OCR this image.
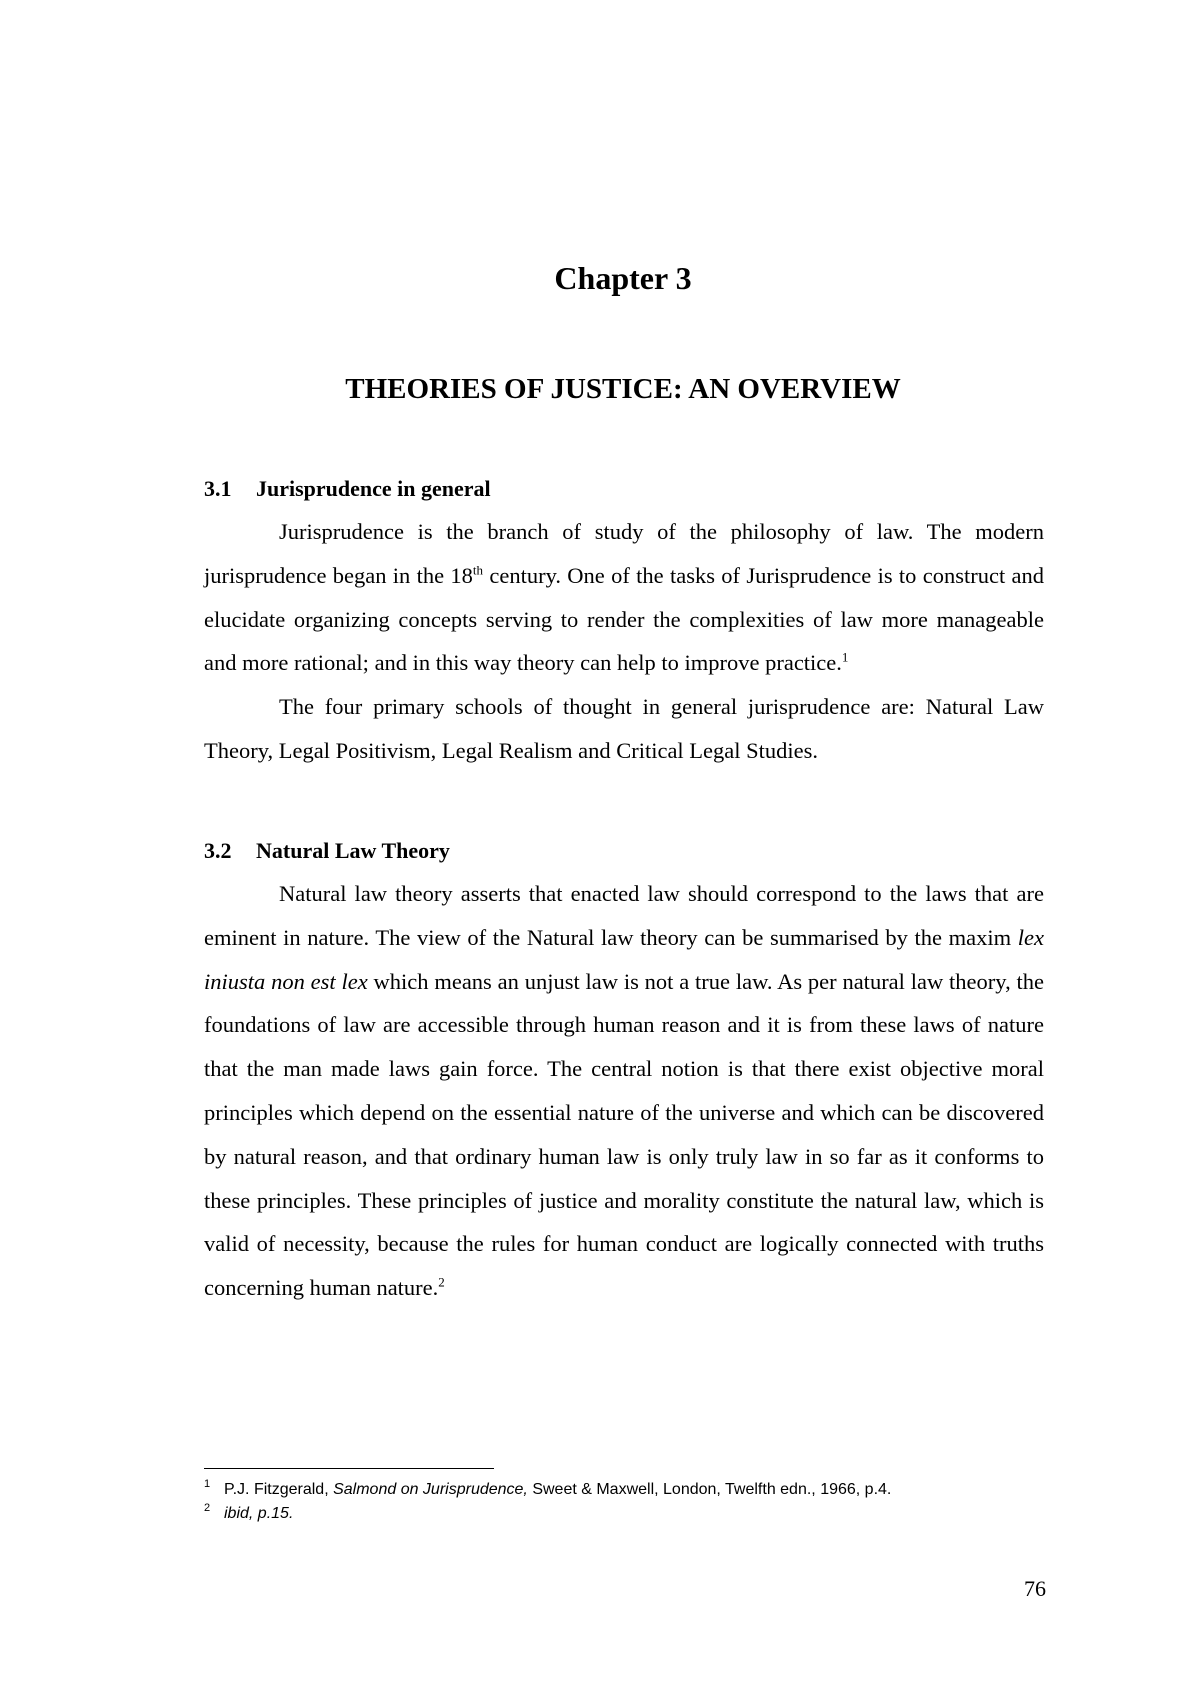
Chapter 3
THEORIES OF JUSTICE: AN OVERVIEW
3.1 Jurisprudence in general

Jurisprudence is the branch of study of the philosophy of law. The modern jurisprudence began in the 18th century. One of the tasks of Jurisprudence is to construct and elucidate organizing concepts serving to render the complexities of law more manageable and more rational; and in this way theory can help to improve practice.$^1$

The four primary schools of thought in general jurisprudence are: Natural Law Theory, Legal Positivism, Legal Realism and Critical Legal Studies.

3.2 Natural Law Theory

Natural law theory asserts that enacted law should correspond to the laws that are eminent in nature. The view of the Natural law theory can be summarised by the maxim lex iniusta non est lex which means an unjust law is not a true law. As per natural law theory, the foundations of law are accessible through human reason and it is from these laws of nature that the man made laws gain force. The central notion is that there exist objective moral principles which depend on the essential nature of the universe and which can be discovered by natural reason, and that ordinary human law is only truly law in so far as it conforms to these principles. These principles of justice and morality constitute the natural law, which is valid of necessity, because the rules for human conduct are logically connected with truths concerning human nature.$^2$

1 P.J. Fitzgerald, Salmond on Jurisprudence, Sweet & Maxwell, London, Twelfth edn., 1966, p.4.
2 ibid, p.15.
76
